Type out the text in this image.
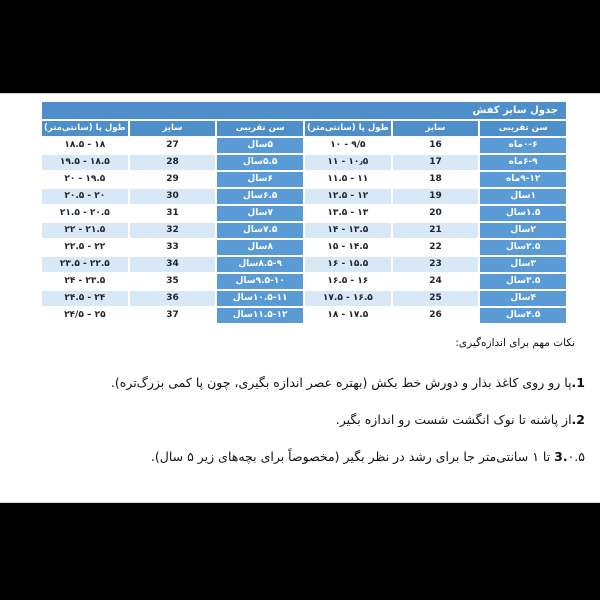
جدول سایز کفش
سن تقریبی
سایز
طول پا (سانتی‌متر)
سن تقریبی
سایز
طول پا (سانتی‌متر)
۰-۶ماه
16
۹/۵ - ۱۰
۵سال
27
۱۸ - ۱۸.۵
۶-۹ماه
17
۱۰٫۵ - ۱۱
۵.۵سال
28
۱۸.۵ - ۱۹.۵
۹-۱۲ماه
18
۱۱ - ۱۱.۵
۶سال
29
۱۹.۵ - ۲۰
۱سال
19
۱۲ - ۱۲.۵
۶.۵سال
30
۲۰ - ۲۰.۵
۱.۵سال
20
۱۳ - ۱۳.۵
۷سال
31
۲۰.۵ - ۲۱.۵
۲سال
21
۱۳.۵ - ۱۴
۷.۵سال
32
۲۱.۵ - ۲۲
۲.۵سال
22
۱۴.۵ - ۱۵
۸سال
33
۲۲ - ۲۲.۵
۳سال
23
۱۵.۵ - ۱۶
۸.۵-۹سال
34
۲۲.۵ - ۲۳.۵
۳.۵سال
24
۱۶ - ۱۶.۵
۹.۵-۱۰سال
35
۲۳.۵ - ۲۴
۴سال
25
۱۶.۵ - ۱۷.۵
۱۰.۵-۱۱سال
36
۲۴ - ۲۴.۵
۴.۵سال
26
۱۷.۵ - ۱۸
۱۱.۵-۱۲سال
37
۲۵ – ۲۴/۵
نکات مهم برای اندازه‌گیری:
1.پا رو روی کاغذ بذار و دورش خط بکش (بهتره عصر اندازه بگیری، چون پا کمی بزرگ‌تره).
2.از پاشنه تا نوک انگشت شست رو اندازه بگیر.
3.۰.۵ تا ۱ سانتی‌متر جا برای رشد در نظر بگیر (مخصوصاً برای بچه‌های زیر ۵ سال).
